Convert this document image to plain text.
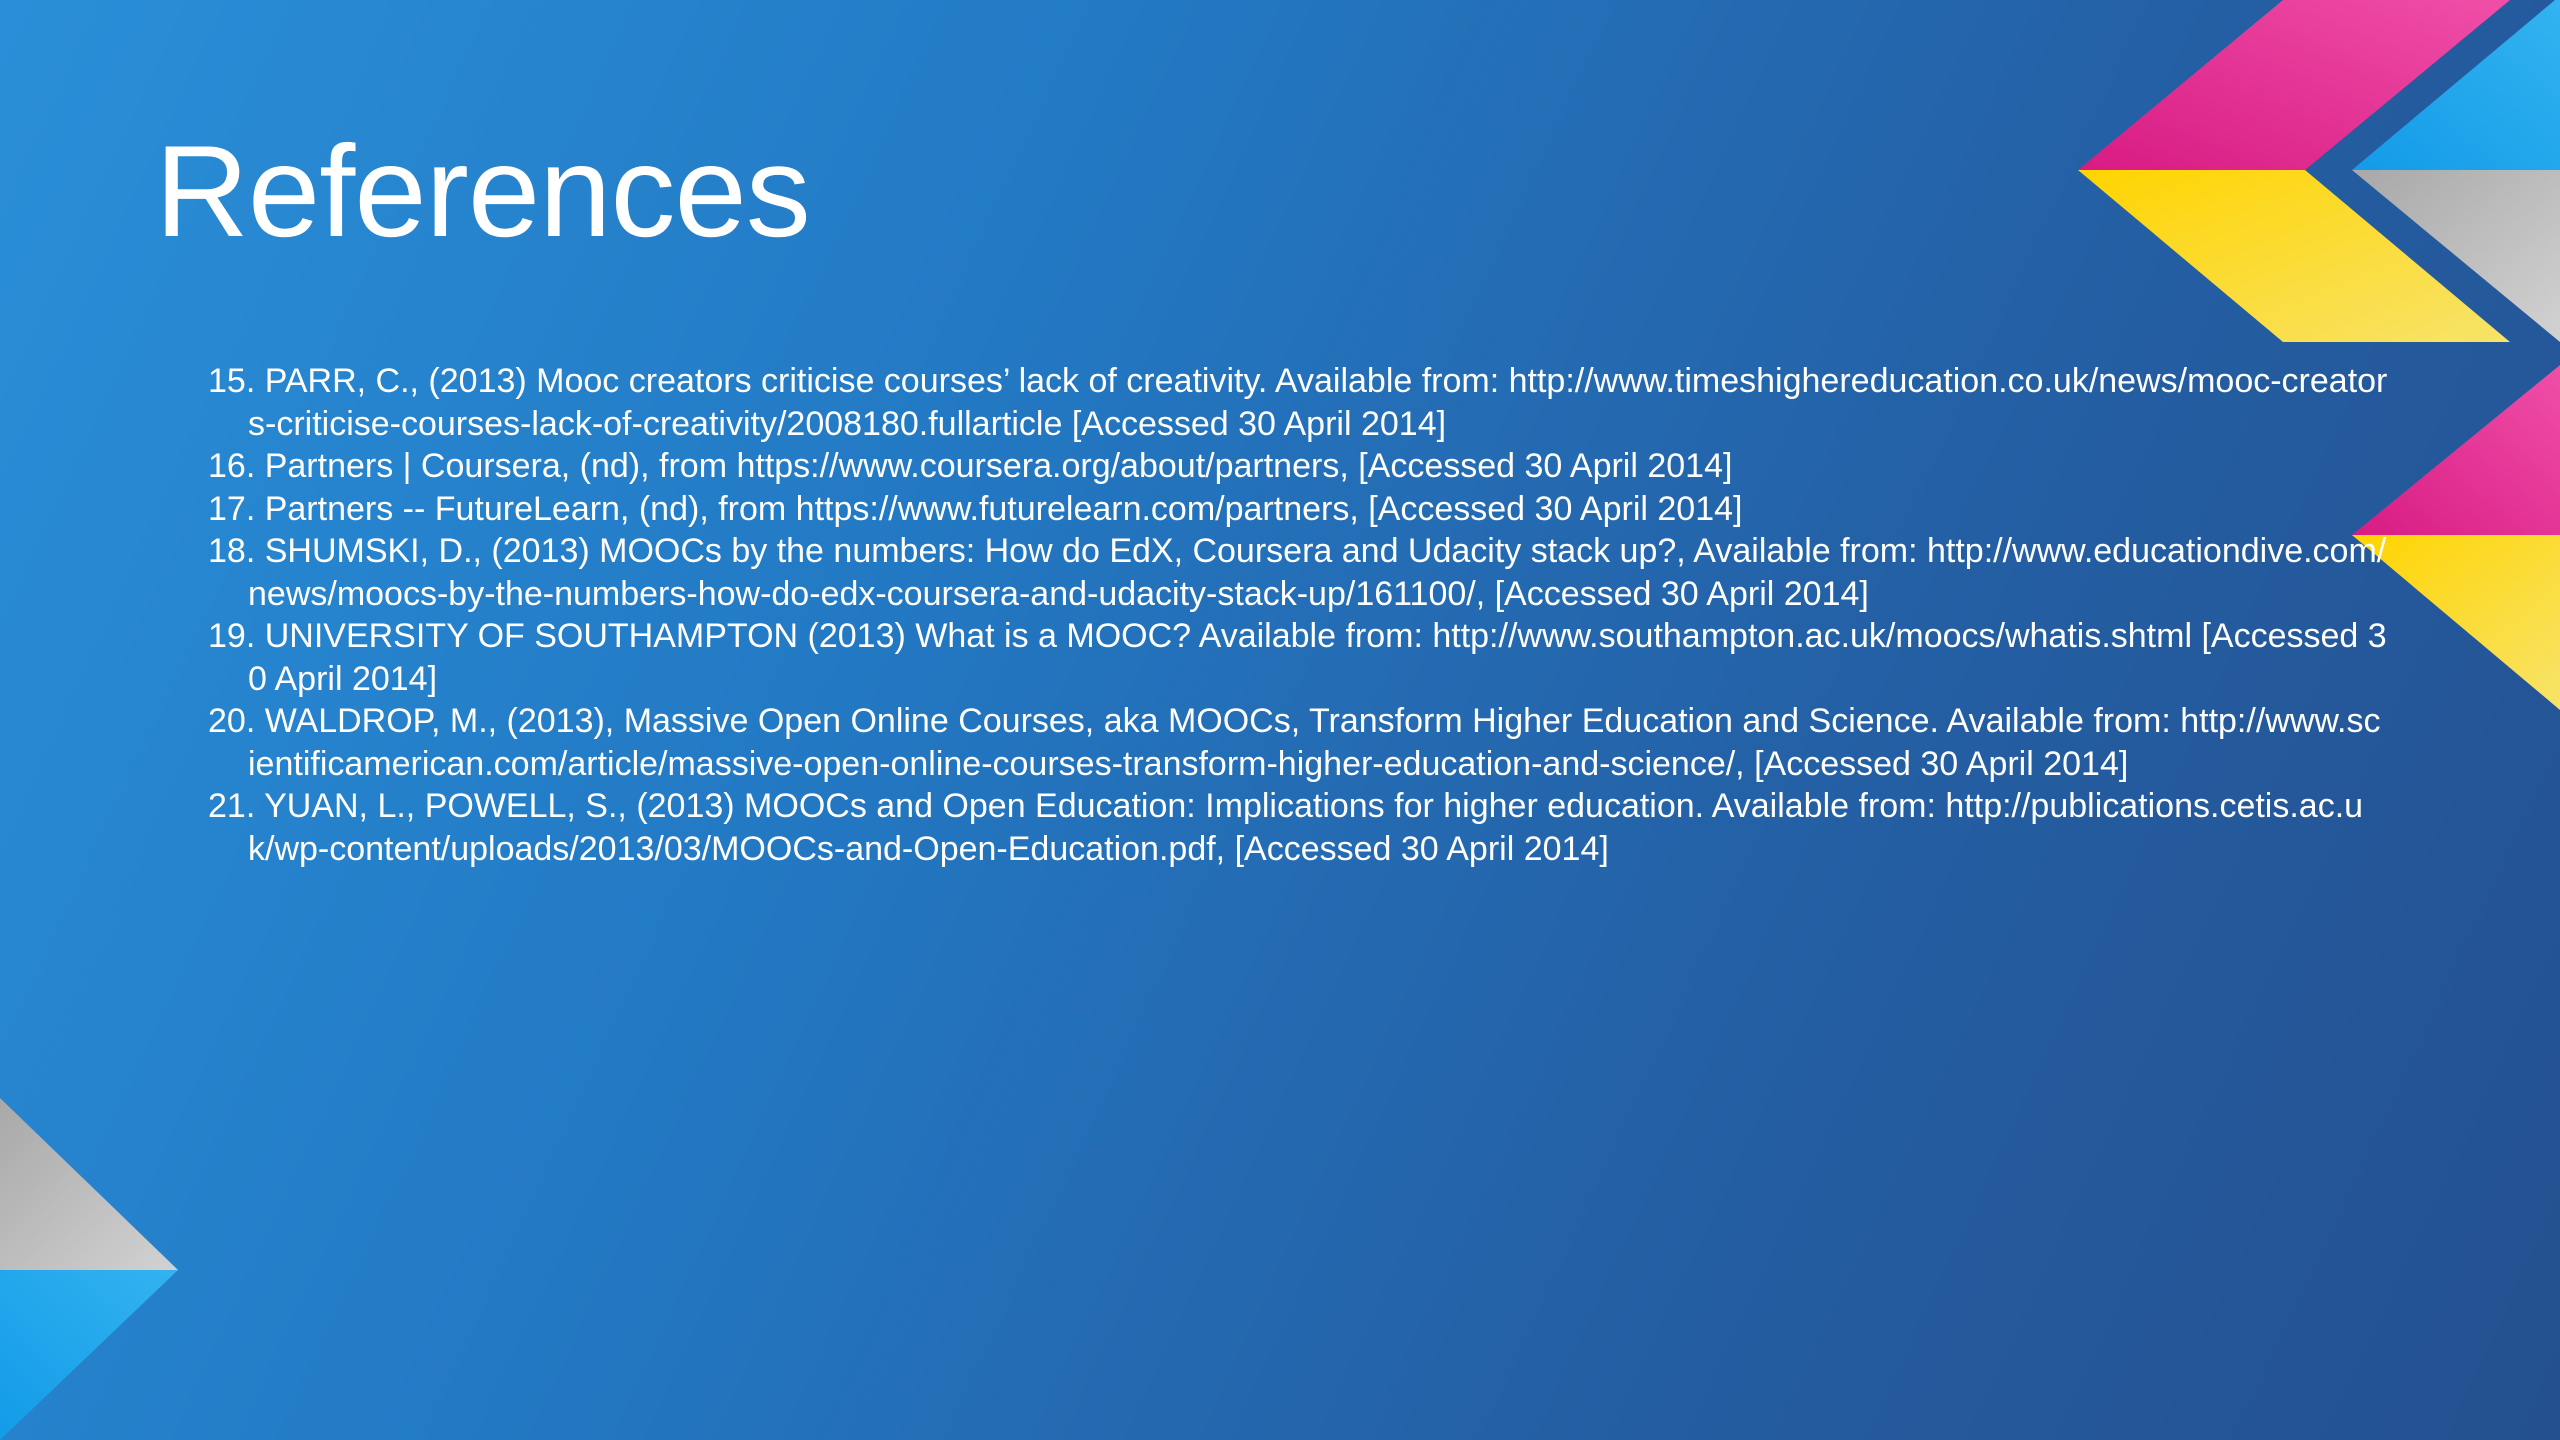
References
15. PARR, C., (2013) Mooc creators criticise courses’ lack of creativity. Available from: http://www.timeshighereducation.co.uk/news/mooc-creators-criticise-courses-lack-of-creativity/2008180.fullarticle [Accessed 30 April 2014]
16. Partners | Coursera, (nd), from https://www.coursera.org/about/partners, [Accessed 30 April 2014]
17. Partners -- FutureLearn, (nd), from https://www.futurelearn.com/partners, [Accessed 30 April 2014]
18. SHUMSKI, D., (2013) MOOCs by the numbers: How do EdX, Coursera and Udacity stack up?, Available from: http://www.educationdive.com/news/moocs-by-the-numbers-how-do-edx-coursera-and-udacity-stack-up/161100/, [Accessed 30 April 2014]
19. UNIVERSITY OF SOUTHAMPTON (2013) What is a MOOC? Available from: http://www.southampton.ac.uk/moocs/whatis.shtml [Accessed 30 April 2014]
20. WALDROP, M., (2013), Massive Open Online Courses, aka MOOCs, Transform Higher Education and Science. Available from: http://www.scientificamerican.com/article/massive-open-online-courses-transform-higher-education-and-science/, [Accessed 30 April 2014]
21. YUAN, L., POWELL, S., (2013) MOOCs and Open Education: Implications for higher education. Available from: http://publications.cetis.ac.uk/wp-content/uploads/2013/03/MOOCs-and-Open-Education.pdf, [Accessed 30 April 2014]
